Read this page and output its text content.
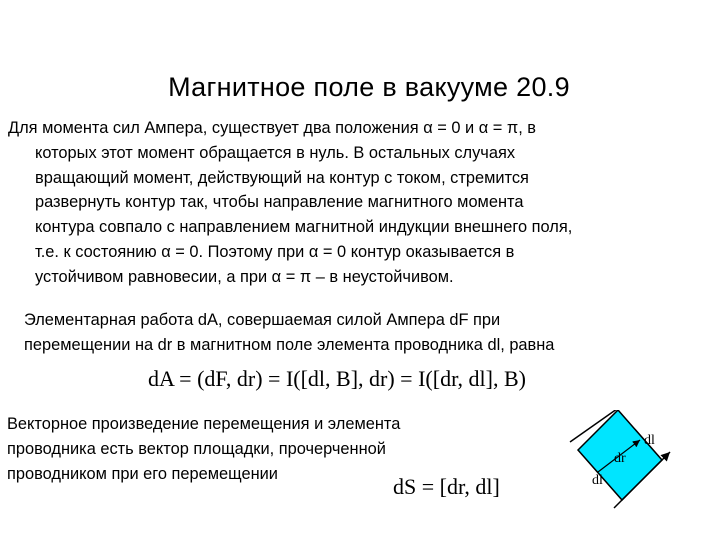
Магнитное поле в вакууме 20.9
Для момента сил Ампера, существует два положения α = 0 и α = π, в
которых этот момент обращается в нуль. В остальных случаях
вращающий момент, действующий на контур с током, стремится
развернуть контур так, чтобы направление магнитного момента
контура совпало с направлением магнитной индукции внешнего поля,
т.е. к состоянию α = 0. Поэтому при α = 0 контур оказывается в
устойчивом равновесии, а при α = π – в неустойчивом.
Элементарная работа dA, совершаемая силой Ампера dF при
перемещении на dr в магнитном поле элемента проводника dl, равна
dA = (dF, dr) = I([dl, B], dr) = I([dr, dl], B)
Векторное произведение перемещения и элемента
проводника есть вектор площадки, прочерченной
проводником при его перемещении	dS = [dr, dl]
dl
dr
dl
